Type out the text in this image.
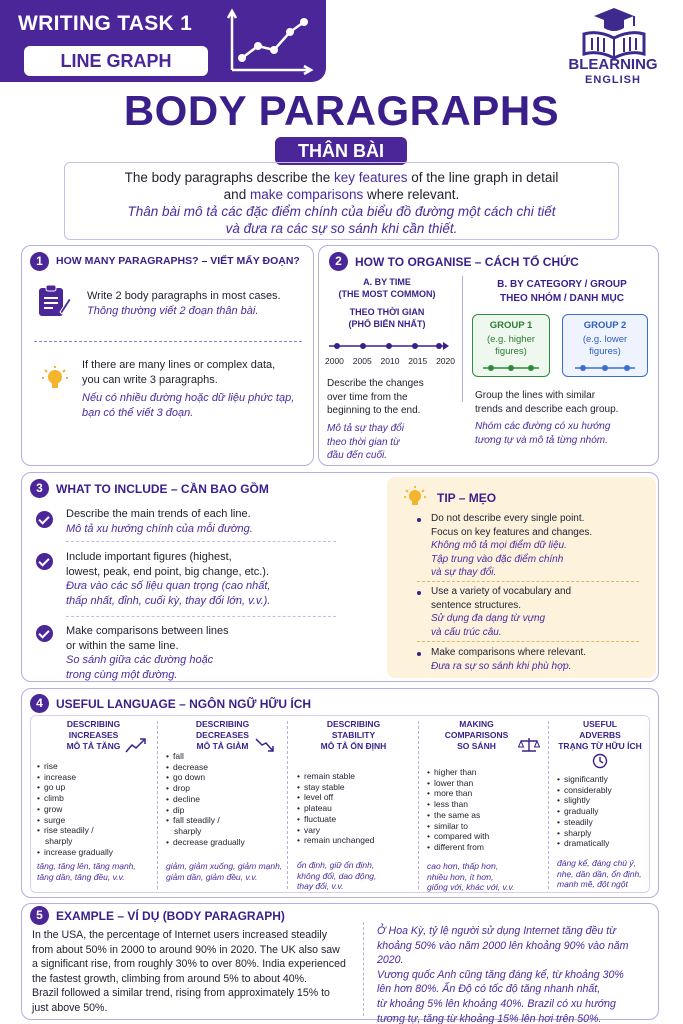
WRITING TASK 1
LINE GRAPH	BLEARNING
ENGLISH
BODY PARAGRAPHS
THÂN BÀI

The body paragraphs describe the key features of the line graph in detail

and make comparisons where relevant.

Thân bài mô tả các đặc điểm chính của biểu đồ đường một cách chi tiết

và đưa ra các sự so sánh khi cần thiết.

1	HOW MANY PARAGRAPHS? – VIẾT MẤY ĐOẠN?
Write 2 body paragraphs in most cases.
Thông thường viết 2 đoạn thân bài.
If there are many lines or complex data,
you can write 3 paragraphs.
Nếu có nhiều đường hoặc dữ liệu phức tạp,
bạn có thể viết 3 đoạn.
2	HOW TO ORGANISE – CÁCH TỔ CHỨC
A. BY TIME
(THE MOST COMMON)
THEO THỜI GIAN
(PHỔ BIẾN NHẤT)
2000 2005 2010 2015 2020
Describe the changes
over time from the
beginning to the end.
Mô tả sự thay đổi
theo thời gian từ
đầu đến cuối.
B. BY CATEGORY / GROUP
THEO NHÓM / DANH MỤC
GROUP 1
(e.g. higher
figures)
GROUP 2
(e.g. lower
figures)
Group the lines with similar
trends and describe each group.
Nhóm các đường có xu hướng
tương tự và mô tả từng nhóm.
3	WHAT TO INCLUDE – CẦN BAO GỒM
Describe the main trends of each line.
Mô tả xu hướng chính của mỗi đường.
Include important figures (highest,
lowest, peak, end point, big change, etc.).
Đưa vào các số liệu quan trọng (cao nhất,
thấp nhất, đỉnh, cuối kỳ, thay đổi lớn, v.v.).
Make comparisons between lines
or within the same line.
So sánh giữa các đường hoặc
trong cùng một đường.
TIP – MẸO
Do not describe every single point.
Focus on key features and changes.
Không mô tả mọi điểm dữ liệu.
Tập trung vào đặc điểm chính
và sự thay đổi.
Use a variety of vocabulary and
sentence structures.
Sử dụng đa dạng từ vựng
và cấu trúc câu.
Make comparisons where relevant.
Đưa ra sự so sánh khi phù hợp.
4	USEFUL LANGUAGE – NGÔN NGỮ HỮU ÍCH
DESCRIBING
INCREASES
MÔ TẢ TĂNG
• rise
• increase
• go up
• climb
• grow
• surge
• rise steadily /
sharply
• increase gradually
tăng, tăng lên, tăng mạnh,
tăng dần, tăng đều, v.v.
DESCRIBING
DECREASES
MÔ TẢ GIẢM
• fall
• decrease
• go down
• drop
• decline
• dip
• fall steadily /
sharply
• decrease gradually
giảm, giảm xuống, giảm mạnh,
giảm dần, giảm đều, v.v.
DESCRIBING
STABILITY
MÔ TẢ ỔN ĐỊNH
• remain stable
• stay stable
• level off
• plateau
• fluctuate
• vary
• remain unchanged
ổn định, giữ ổn định,
không đổi, dao động,
thay đổi, v.v.
MAKING
COMPARISONS
SO SÁNH
• higher than
• lower than
• more than
• less than
• the same as
• similar to
• compared with
• different from
cao hơn, thấp hơn,
nhiều hơn, ít hơn,
giống với, khác với, v.v.
USEFUL
ADVERBS
TRẠNG TỪ HỮU ÍCH
• significantly
• considerably
• slightly
• gradually
• steadily
• sharply
• dramatically
đáng kể, đáng chú ý,
nhẹ, dần dần, ổn định,
mạnh mẽ, đột ngột
5	EXAMPLE – VÍ DỤ (BODY PARAGRAPH)
In the USA, the percentage of Internet users increased steadily
from about 50% in 2000 to around 90% in 2020. The UK also saw
a significant rise, from roughly 30% to over 80%. India experienced
the fastest growth, climbing from around 5% to about 40%.
Brazil followed a similar trend, rising from approximately 15% to
just above 50%.
Ở Hoa Kỳ, tỷ lệ người sử dụng Internet tăng đều từ
khoảng 50% vào năm 2000 lên khoảng 90% vào năm 2020.
Vương quốc Anh cũng tăng đáng kể, từ khoảng 30%
lên hơn 80%. Ấn Độ có tốc độ tăng nhanh nhất,
từ khoảng 5% lên khoảng 40%. Brazil có xu hướng
tương tự, tăng từ khoảng 15% lên hơi trên 50%.
